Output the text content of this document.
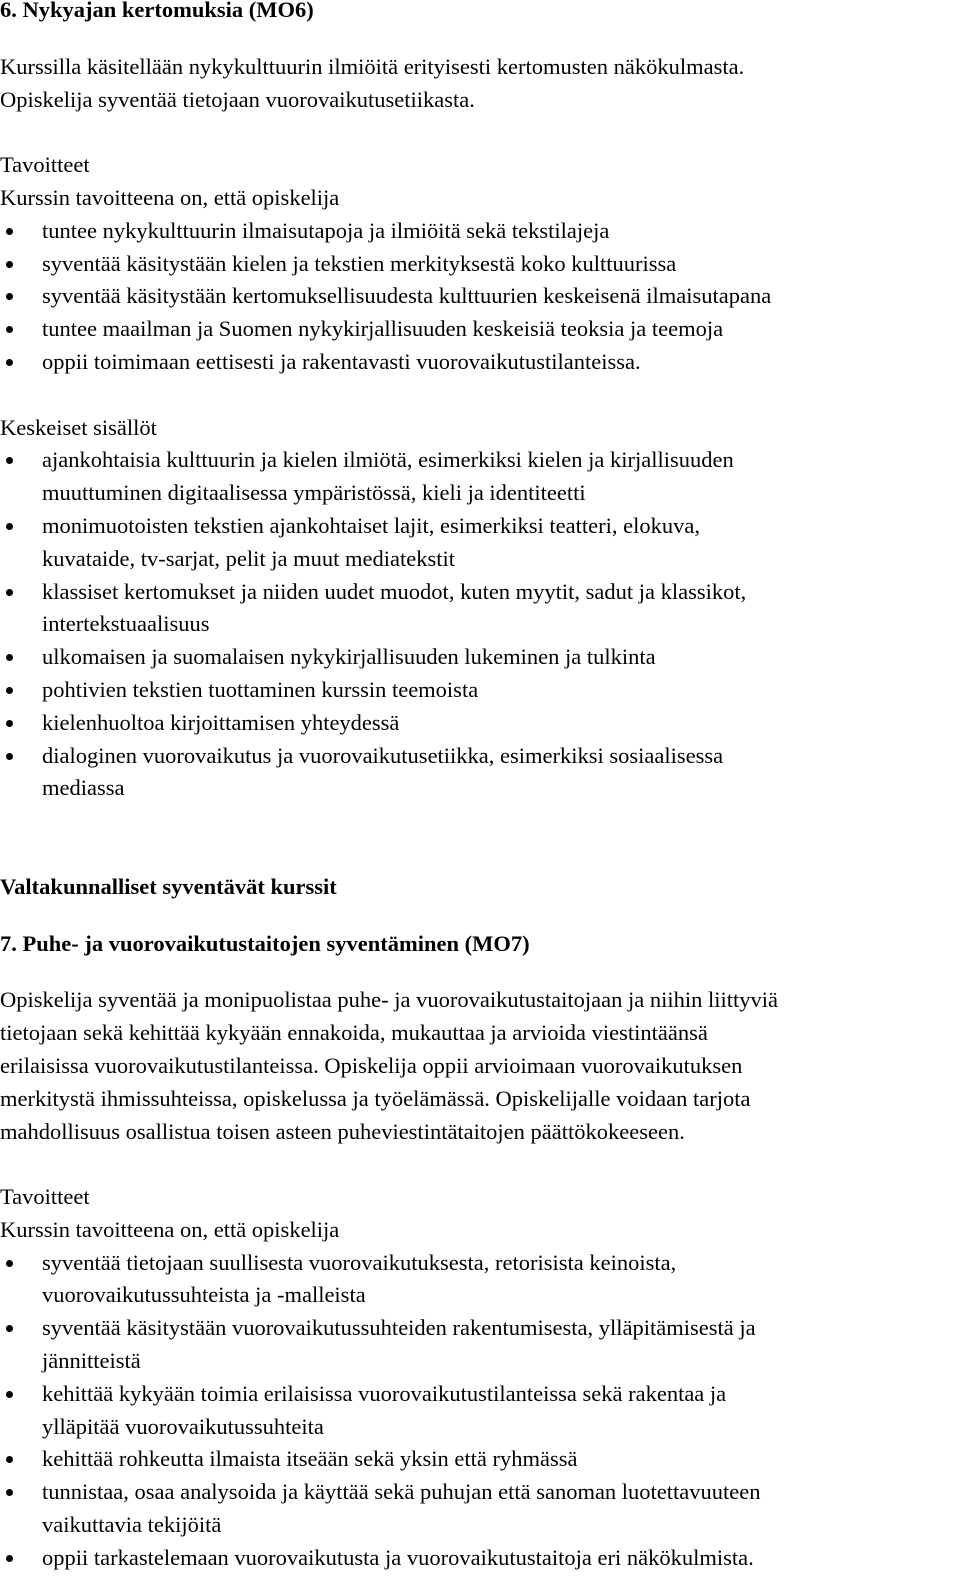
6. Nykyajan kertomuksia (MO6)

Kurssilla käsitellään nykykulttuurin ilmiöitä erityisesti kertomusten näkökulmasta.

Opiskelija syventää tietojaan vuorovaikutusetiikasta.

Tavoitteet

Kurssin tavoitteena on, että opiskelija

tuntee nykykulttuurin ilmaisutapoja ja ilmiöitä sekä tekstilajeja
syventää käsitystään kielen ja tekstien merkityksestä koko kulttuurissa
syventää käsitystään kertomuksellisuudesta kulttuurien keskeisenä ilmaisutapana
tuntee maailman ja Suomen nykykirjallisuuden keskeisiä teoksia ja teemoja
oppii toimimaan eettisesti ja rakentavasti vuorovaikutustilanteissa.

Keskeiset sisällöt

ajankohtaisia kulttuurin ja kielen ilmiötä, esimerkiksi kielen ja kirjallisuuden
muuttuminen digitaalisessa ympäristössä, kieli ja identiteetti
monimuotoisten tekstien ajankohtaiset lajit, esimerkiksi teatteri, elokuva,
kuvataide, tv-sarjat, pelit ja muut mediatekstit
klassiset kertomukset ja niiden uudet muodot, kuten myytit, sadut ja klassikot,
intertekstuaalisuus
ulkomaisen ja suomalaisen nykykirjallisuuden lukeminen ja tulkinta
pohtivien tekstien tuottaminen kurssin teemoista
kielenhuoltoa kirjoittamisen yhteydessä
dialoginen vuorovaikutus ja vuorovaikutusetiikka, esimerkiksi sosiaalisessa
mediassa
Valtakunnalliset syventävät kurssit
7. Puhe- ja vuorovaikutustaitojen syventäminen (MO7)

Opiskelija syventää ja monipuolistaa puhe- ja vuorovaikutustaitojaan ja niihin liittyviä

tietojaan sekä kehittää kykyään ennakoida, mukauttaa ja arvioida viestintäänsä

erilaisissa vuorovaikutustilanteissa. Opiskelija oppii arvioimaan vuorovaikutuksen

merkitystä ihmissuhteissa, opiskelussa ja työelämässä. Opiskelijalle voidaan tarjota

mahdollisuus osallistua toisen asteen puheviestintätaitojen päättökokeeseen.

Tavoitteet

Kurssin tavoitteena on, että opiskelija

syventää tietojaan suullisesta vuorovaikutuksesta, retorisista keinoista,
vuorovaikutussuhteista ja -malleista
syventää käsitystään vuorovaikutussuhteiden rakentumisesta, ylläpitämisestä ja
jännitteistä
kehittää kykyään toimia erilaisissa vuorovaikutustilanteissa sekä rakentaa ja
ylläpitää vuorovaikutussuhteita
kehittää rohkeutta ilmaista itseään sekä yksin että ryhmässä
tunnistaa, osaa analysoida ja käyttää sekä puhujan että sanoman luotettavuuteen
vaikuttavia tekijöitä
oppii tarkastelemaan vuorovaikutusta ja vuorovaikutustaitoja eri näkökulmista.
